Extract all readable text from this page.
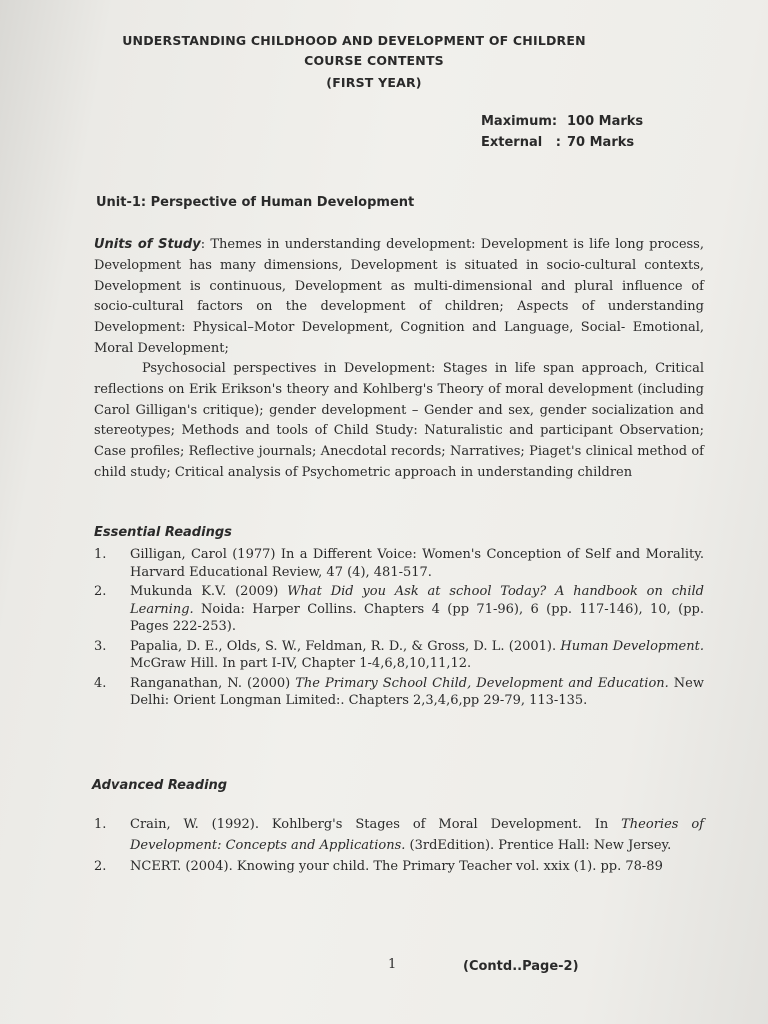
UNDERSTANDING CHILDHOOD AND DEVELOPMENT OF CHILDREN
COURSE CONTENTS
(FIRST YEAR)
Maximum: 100 Marks
External   : 70 Marks
Unit-1: Perspective of Human Development
Units of Study: Themes in understanding development: Development is life long process, Development has many dimensions, Development is situated in socio-cultural contexts, Development is continuous, Development as multi-dimensional and plural influence of socio-cultural factors on the development of children; Aspects of understanding Development: Physical–Motor Development, Cognition and Language, Social- Emotional, Moral Development;
Psychosocial perspectives in Development: Stages in life span approach, Critical reflections on Erik Erikson's theory and Kohlberg's Theory of moral development (including Carol Gilligan's critique); gender development – Gender and sex, gender socialization and stereotypes; Methods and tools of Child Study: Naturalistic and participant Observation; Case profiles; Reflective journals; Anecdotal records; Narratives; Piaget's clinical method of child study; Critical analysis of Psychometric approach in understanding children
Essential Readings
1. Gilligan, Carol (1977) In a Different Voice: Women's Conception of Self and Morality. Harvard Educational Review, 47 (4), 481-517.
2. Mukunda K.V. (2009) What Did you Ask at school Today? A handbook on child Learning. Noida: Harper Collins. Chapters 4 (pp 71-96), 6 (pp. 117-146), 10, (pp. Pages 222-253).
3. Papalia, D. E., Olds, S. W., Feldman, R. D., & Gross, D. L. (2001). Human Development. McGraw Hill. In part I-IV, Chapter 1-4,6,8,10,11,12.
4. Ranganathan, N. (2000) The Primary School Child, Development and Education. New Delhi: Orient Longman Limited:. Chapters 2,3,4,6,pp 29-79, 113-135.
Advanced Reading
1. Crain, W. (1992). Kohlberg's Stages of Moral Development. In Theories of Development: Concepts and Applications. (3rdEdition). Prentice Hall: New Jersey.
2. NCERT. (2004). Knowing your child. The Primary Teacher vol. xxix (1). pp. 78-89
1	(Contd..Page-2)
